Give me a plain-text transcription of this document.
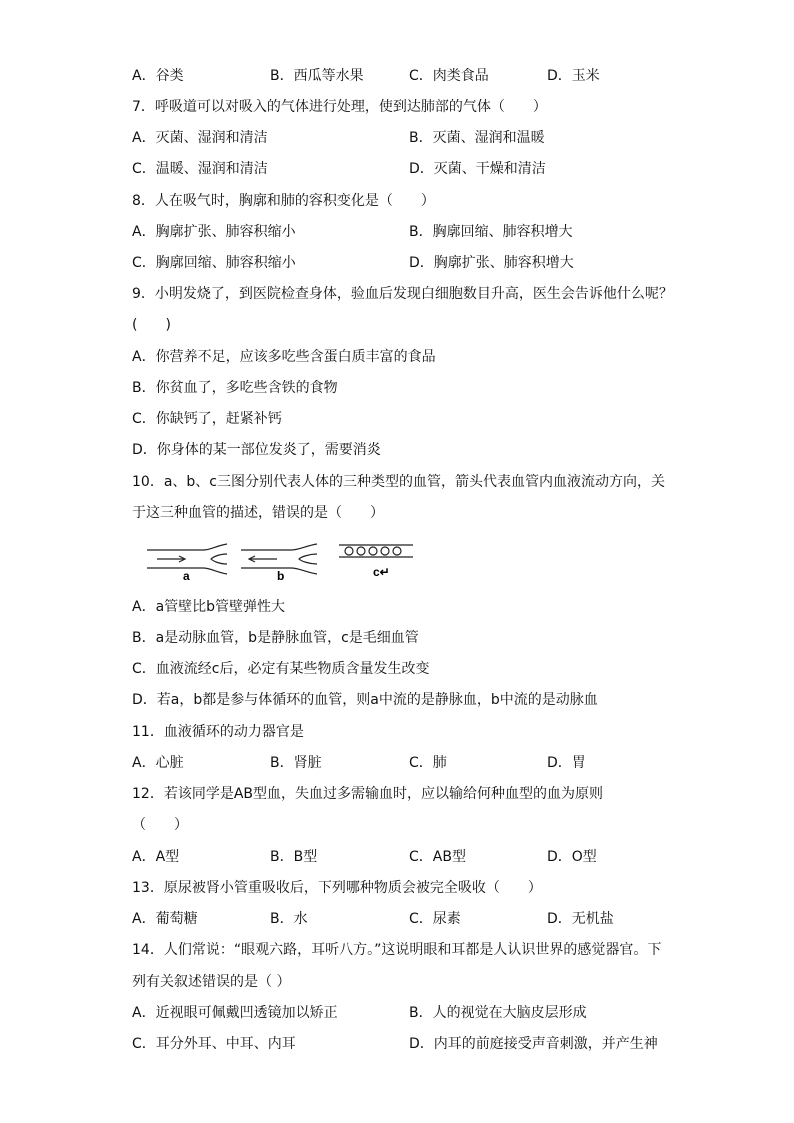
A．谷类	B．西瓜等水果	C．肉类食品	D．玉米
7．呼吸道可以对吸入的气体进行处理，使到达肺部的气体（　　）
A．灭菌、湿润和清洁	B．灭菌、湿润和温暖
C．温暖、湿润和清洁	D．灭菌、干燥和清洁
8．人在吸气时，胸廓和肺的容积变化是（　　）
A．胸廓扩张、肺容积缩小	B．胸廓回缩、肺容积增大
C．胸廓回缩、肺容积缩小	D．胸廓扩张、肺容积增大
9．小明发烧了，到医院检查身体，验血后发现白细胞数目升高，医生会告诉他什么呢？
(　　)
A．你营养不足，应该多吃些含蛋白质丰富的食品
B．你贫血了，多吃些含铁的食物
C．你缺钙了，赶紧补钙
D．你身体的某一部位发炎了，需要消炎
10．a、b、c三图分别代表人体的三种类型的血管，箭头代表血管内血液流动方向，关
于这三种血管的描述，错误的是（　　）
a	b	c↵
A．a管壁比b管壁弹性大
B．a是动脉血管，b是静脉血管，c是毛细血管
C．血液流经c后，必定有某些物质含量发生改变
D．若a，b都是参与体循环的血管，则a中流的是静脉血，b中流的是动脉血
11．血液循环的动力器官是
A．心脏	B．肾脏	C．肺	D．胃
12．若该同学是AB型血，失血过多需输血时，应以输给何种血型的血为原则
（　　）
A．A型	B．B型	C．AB型	D．O型
13．原尿被肾小管重吸收后，下列哪种物质会被完全吸收（　　）
A．葡萄糖	B．水	C．尿素	D．无机盐
14．人们常说：“眼观六路，耳听八方。”这说明眼和耳都是人认识世界的感觉器官。下
列有关叙述错误的是（ ）
A．近视眼可佩戴凹透镜加以矫正	B．人的视觉在大脑皮层形成
C．耳分外耳、中耳、内耳	D．内耳的前庭接受声音刺激，并产生神
